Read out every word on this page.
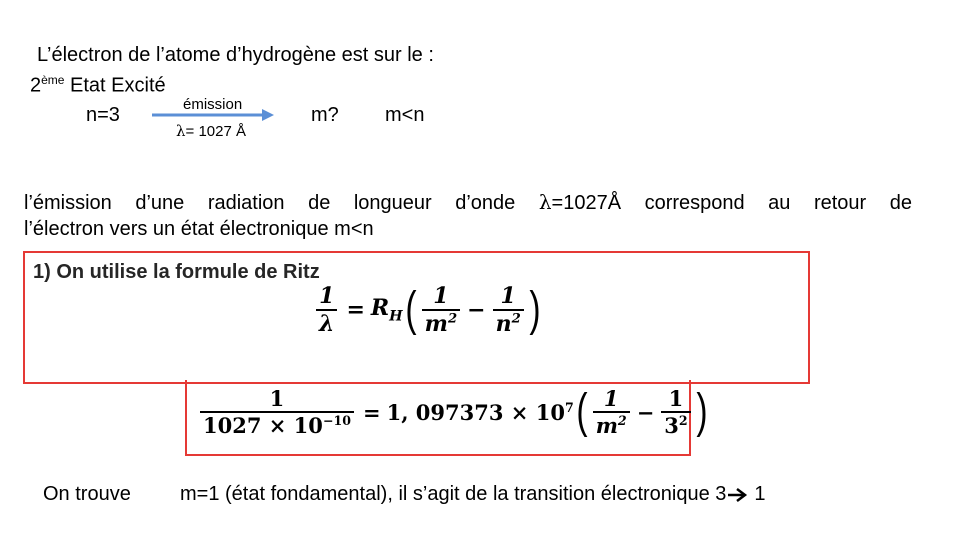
L’électron de l’atome d’hydrogène est sur le :
2ème Etat Excité
émission
n=3
λ= 1027 Å
m? m<n
l’émission d’une radiation de longueur d’onde λ=1027Å correspond au retour de
l’électron vers un état électronique m<n
1) On utilise la formule de Ritz
$\frac{1}{\lambda} = R_H$ ( $\frac{1}{m^2} - \frac{1}{n^2}$ )
$\frac{1}{1027 \times 10^{-10}} = 1$, $097373 \times 10^7$ ( $\frac{1}{m^2} - \frac{1}{3^2}$ )
On trouve m=1 (état fondamental), il s’agit de la transition électronique 3 1
